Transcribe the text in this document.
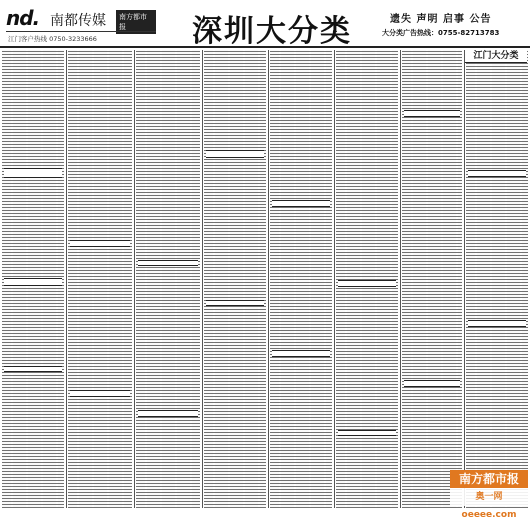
nd. 南都传媒	南方都市报
江门客户热线 0750-3233666	深圳大分类	遗失 声明 启事 公告
大分类广告热线：0755-82713783
江门大分类
南方都市报
奥一网oeeee.com
